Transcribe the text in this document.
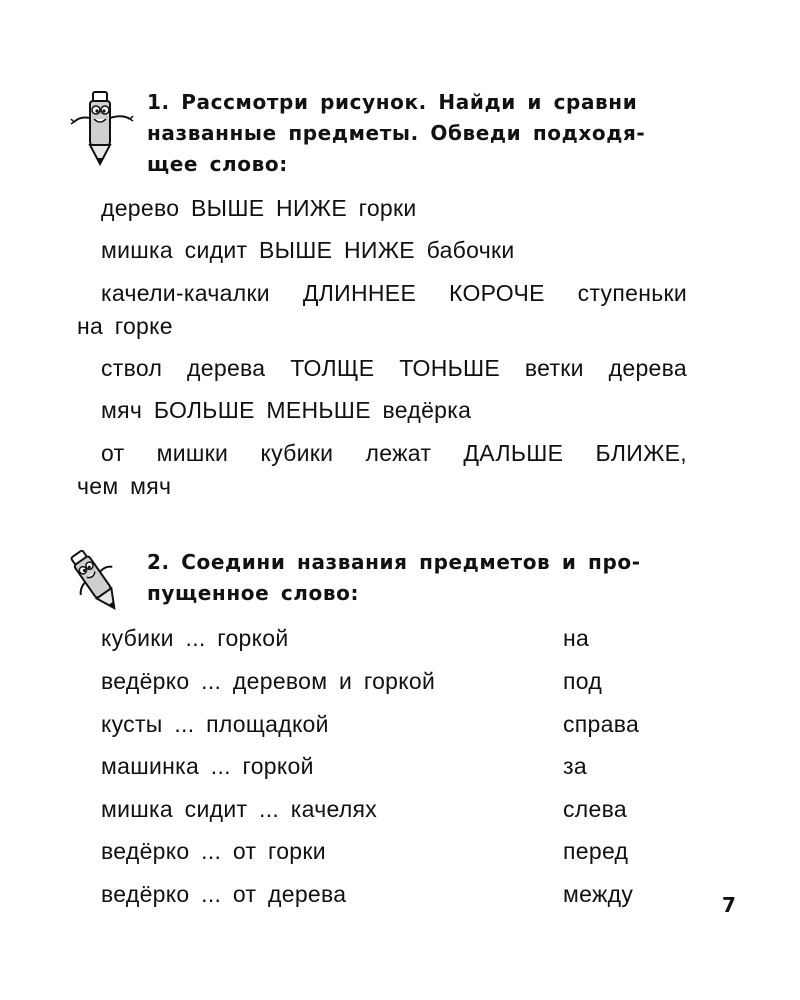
1. Рассмотри рисунок. Найди и сравни
названные предметы. Обведи подходя-
щее слово:

дерево ВЫШЕ НИЖЕ горки

мишка сидит ВЫШЕ НИЖЕ бабочки

качели-качалки ДЛИННЕЕ КОРОЧЕ ступеньки

на горке

ствол дерева ТОЛЩЕ ТОНЬШЕ ветки дерева

мяч БОЛЬШЕ МЕНЬШЕ ведёрка

от мишки кубики лежат ДАЛЬШЕ БЛИЖЕ,

чем мяч

2. Соедини названия предметов и про-
пущенное слово:

кубики ... горкой

ведёрко ... деревом и горкой

кусты ... площадкой

машинка ... горкой

мишка сидит ... качелях

ведёрко ... от горки

ведёрко ... от дерева

на

под

справа

за

слева

перед

между	7
